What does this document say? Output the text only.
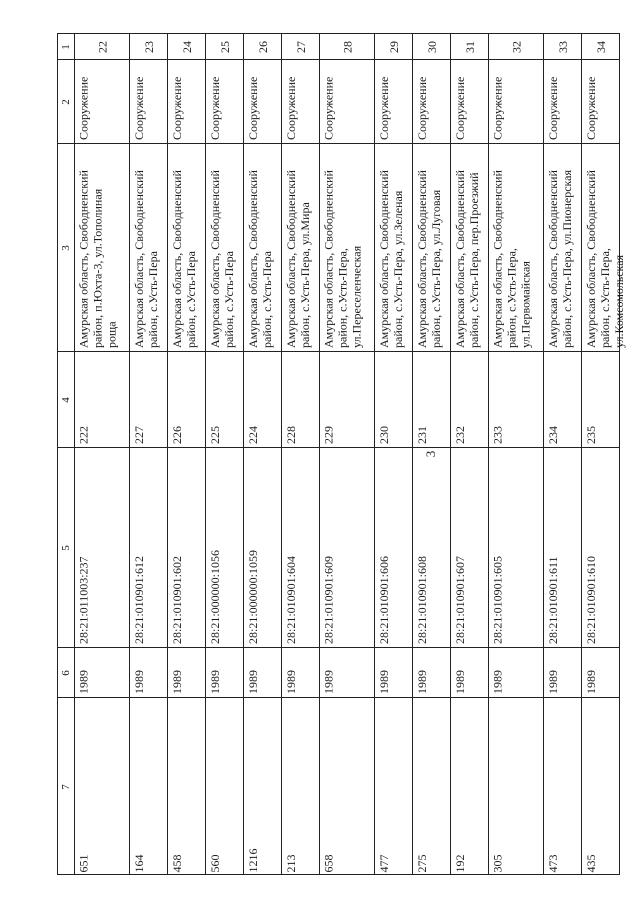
3
1
2
3
4
5
6
7
22
Сооружение
Амурская область, Свободненский район, п.Юхта-3, ул.Тополиная роща
222
28:21:011003:237
1989
651
23
Сооружение
Амурская область, Свободненский район, с.Усть-Пера
227
28:21:010901:612
1989
164
24
Сооружение
Амурская область, Свободненский район, с.Усть-Пера
226
28:21:010901:602
1989
458
25
Сооружение
Амурская область, Свободненский район, с.Усть-Пера
225
28:21:000000:1056
1989
560
26
Сооружение
Амурская область, Свободненский район, с.Усть-Пера
224
28:21:000000:1059
1989
1216
27
Сооружение
Амурская область, Свободненский район, с.Усть-Пера, ул.Мира
228
28:21:010901:604
1989
213
28
Сооружение
Амурская область, Свободненский район, с.Усть-Пера, ул.Переселенческая
229
28:21:010901:609
1989
658
29
Сооружение
Амурская область, Свободненский район, с.Усть-Пера, ул.Зеленая
230
28:21:010901:606
1989
477
30
Сооружение
Амурская область, Свободненский район, с.Усть-Пера, ул.Луговая
231
28:21:010901:608
1989
275
31
Сооружение
Амурская область, Свободненский район, с.Усть-Пера, пер.Проезжий
232
28:21:010901:607
1989
192
32
Сооружение
Амурская область, Свободненский район, с.Усть-Пера, ул.Первомайская
233
28:21:010901:605
1989
305
33
Сооружение
Амурская область, Свободненский район, с.Усть-Пера, ул.Пионерская
234
28:21:010901:611
1989
473
34
Сооружение
Амурская область, Свободненский район, с.Усть-Пера, ул.Комсомольская
235
28:21:010901:610
1989
435
